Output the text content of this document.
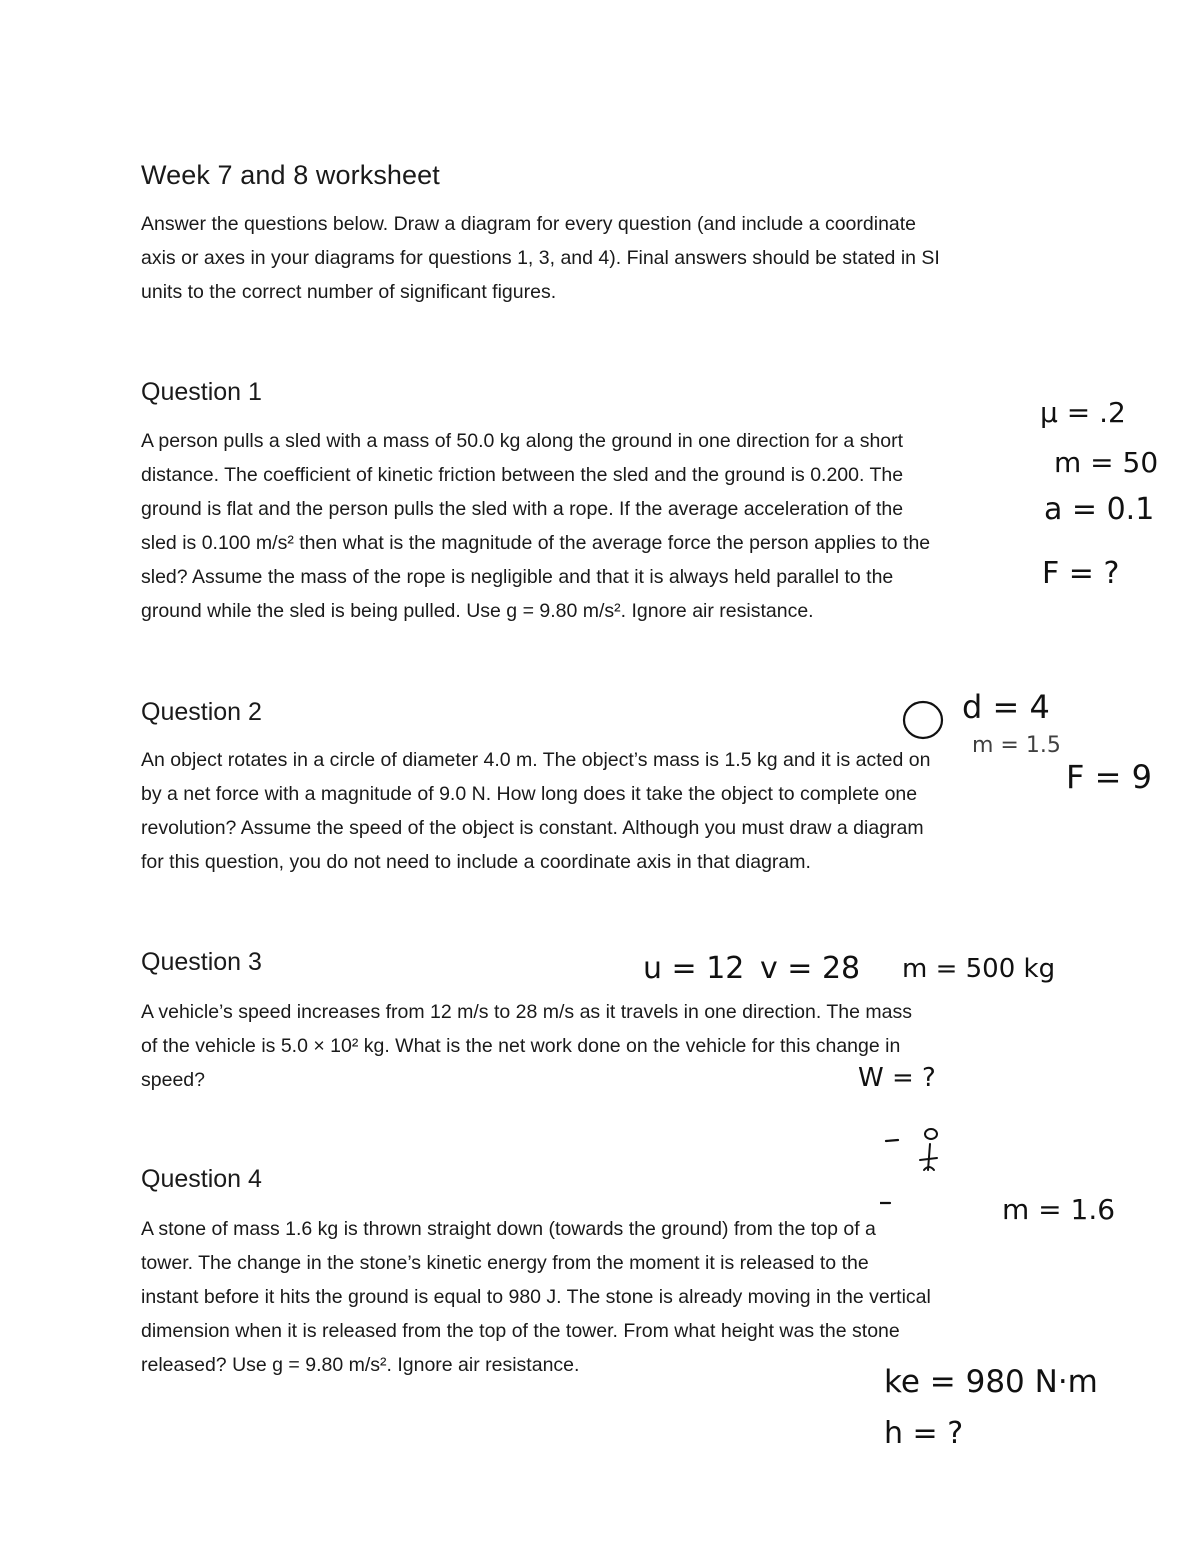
Week 7 and 8 worksheet

Answer the questions below. Draw a diagram for every question (and include a coordinate
axis or axes in your diagrams for questions 1, 3, and 4). Final answers should be stated in SI
units to the correct number of significant figures.

Question 1

A person pulls a sled with a mass of 50.0 kg along the ground in one direction for a short
distance. The coefficient of kinetic friction between the sled and the ground is 0.200. The
ground is flat and the person pulls the sled with a rope. If the average acceleration of the
sled is 0.100 m/s² then what is the magnitude of the average force the person applies to the
sled? Assume the mass of the rope is negligible and that it is always held parallel to the
ground while the sled is being pulled. Use g = 9.80 m/s². Ignore air resistance.

Question 2

An object rotates in a circle of diameter 4.0 m. The object’s mass is 1.5 kg and it is acted on
by a net force with a magnitude of 9.0 N. How long does it take the object to complete one
revolution? Assume the speed of the object is constant. Although you must draw a diagram
for this question, you do not need to include a coordinate axis in that diagram.

Question 3

A vehicle’s speed increases from 12 m/s to 28 m/s as it travels in one direction. The mass
of the vehicle is 5.0 × 10² kg. What is the net work done on the vehicle for this change in
speed?

Question 4

A stone of mass 1.6 kg is thrown straight down (towards the ground) from the top of a
tower. The change in the stone’s kinetic energy from the moment it is released to the
instant before it hits the ground is equal to 980 J. The stone is already moving in the vertical
dimension when it is released from the top of the tower. From what height was the stone
released? Use g = 9.80 m/s². Ignore air resistance.

μ = .2
m = 50
a = 0.1
F = ?
d = 4
m = 1.5
F = 9
u = 12 v = 28 m = 500 kg
W = ?
m = 1.6
ke = 980 N·m
h = ?
